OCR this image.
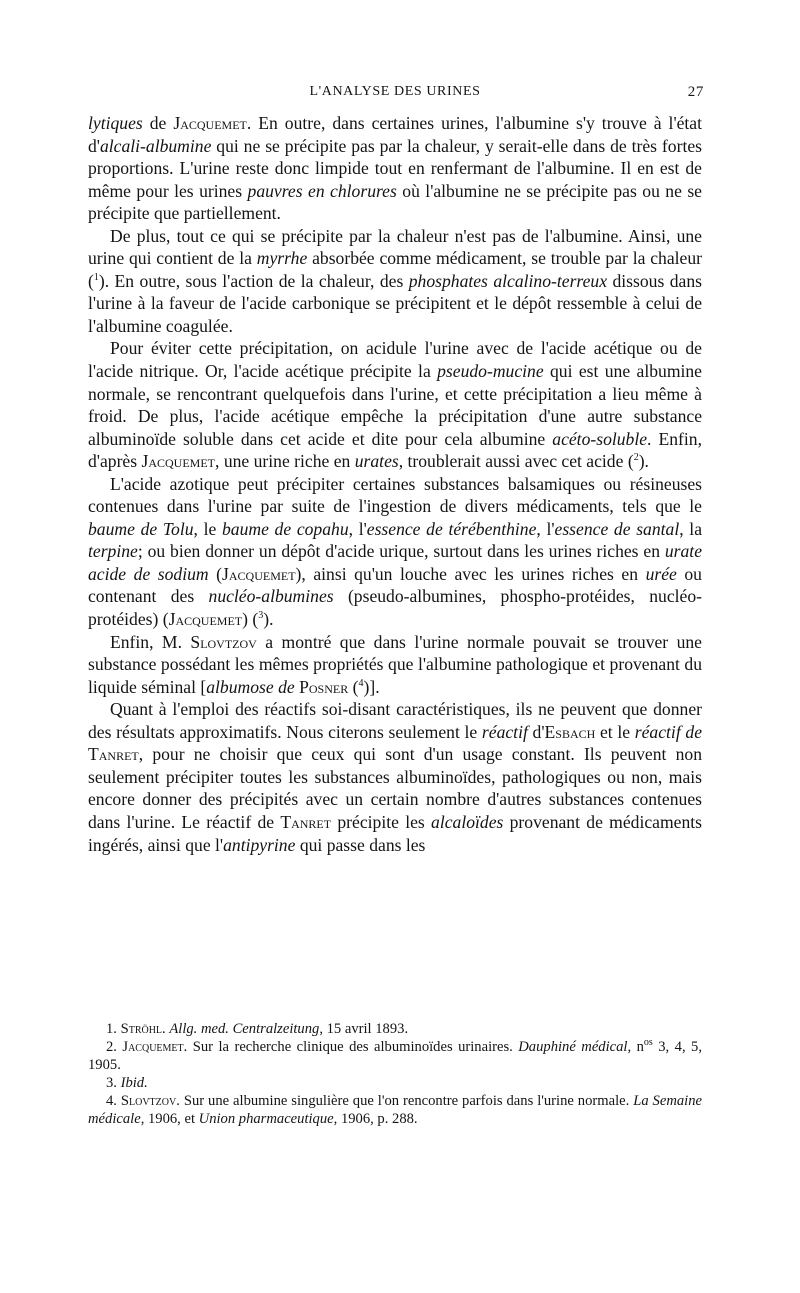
L'ANALYSE DES URINES	27

lytiques de Jacquemet. En outre, dans certaines urines, l'albumine s'y trouve à l'état d'alcali-albumine qui ne se précipite pas par la chaleur, y serait-elle dans de très fortes proportions. L'urine reste donc limpide tout en renfermant de l'albumine. Il en est de même pour les urines pauvres en chlorures où l'albumine ne se précipite pas ou ne se précipite que partiellement.

De plus, tout ce qui se précipite par la chaleur n'est pas de l'albumine. Ainsi, une urine qui contient de la myrrhe absorbée comme médicament, se trouble par la chaleur ($^1$). En outre, sous l'action de la chaleur, des phosphates alcalino-terreux dissous dans l'urine à la faveur de l'acide carbonique se précipitent et le dépôt ressemble à celui de l'albumine coagulée.

Pour éviter cette précipitation, on acidule l'urine avec de l'acide acétique ou de l'acide nitrique. Or, l'acide acétique précipite la pseudo-mucine qui est une albumine normale, se rencontrant quelquefois dans l'urine, et cette précipitation a lieu même à froid. De plus, l'acide acétique empêche la précipitation d'une autre substance albuminoïde soluble dans cet acide et dite pour cela albumine acéto-soluble. Enfin, d'après Jacquemet, une urine riche en urates, troublerait aussi avec cet acide ($^2$).

L'acide azotique peut précipiter certaines substances balsamiques ou résineuses contenues dans l'urine par suite de l'ingestion de divers médicaments, tels que le baume de Tolu, le baume de copahu, l'essence de térébenthine, l'essence de santal, la terpine; ou bien donner un dépôt d'acide urique, surtout dans les urines riches en urate acide de sodium (Jacquemet), ainsi qu'un louche avec les urines riches en urée ou contenant des nucléo-albumines (pseudo-albumines, phospho-protéides, nucléo-protéides) (Jacquemet) ($^3$).

Enfin, M. Slovtzov a montré que dans l'urine normale pouvait se trouver une substance possédant les mêmes propriétés que l'albumine pathologique et provenant du liquide séminal [albumose de Posner ($^4$)].

Quant à l'emploi des réactifs soi-disant caractéristiques, ils ne peuvent que donner des résultats approximatifs. Nous citerons seulement le réactif d'Esbach et le réactif de Tanret, pour ne choisir que ceux qui sont d'un usage constant. Ils peuvent non seulement précipiter toutes les substances albuminoïdes, pathologiques ou non, mais encore donner des précipités avec un certain nombre d'autres substances contenues dans l'urine. Le réactif de Tanret précipite les alcaloïdes provenant de médicaments ingérés, ainsi que l'antipyrine qui passe dans les

1. Ströhl. Allg. med. Centralzeitung, 15 avril 1893.

2. Jacquemet. Sur la recherche clinique des albuminoïdes urinaires. Dauphiné médical, $n^{os}$ 3, 4, 5, 1905.

3. Ibid.

4. Slovtzov. Sur une albumine singulière que l'on rencontre parfois dans l'urine normale. La Semaine médicale, 1906, et Union pharmaceutique, 1906, p. 288.
